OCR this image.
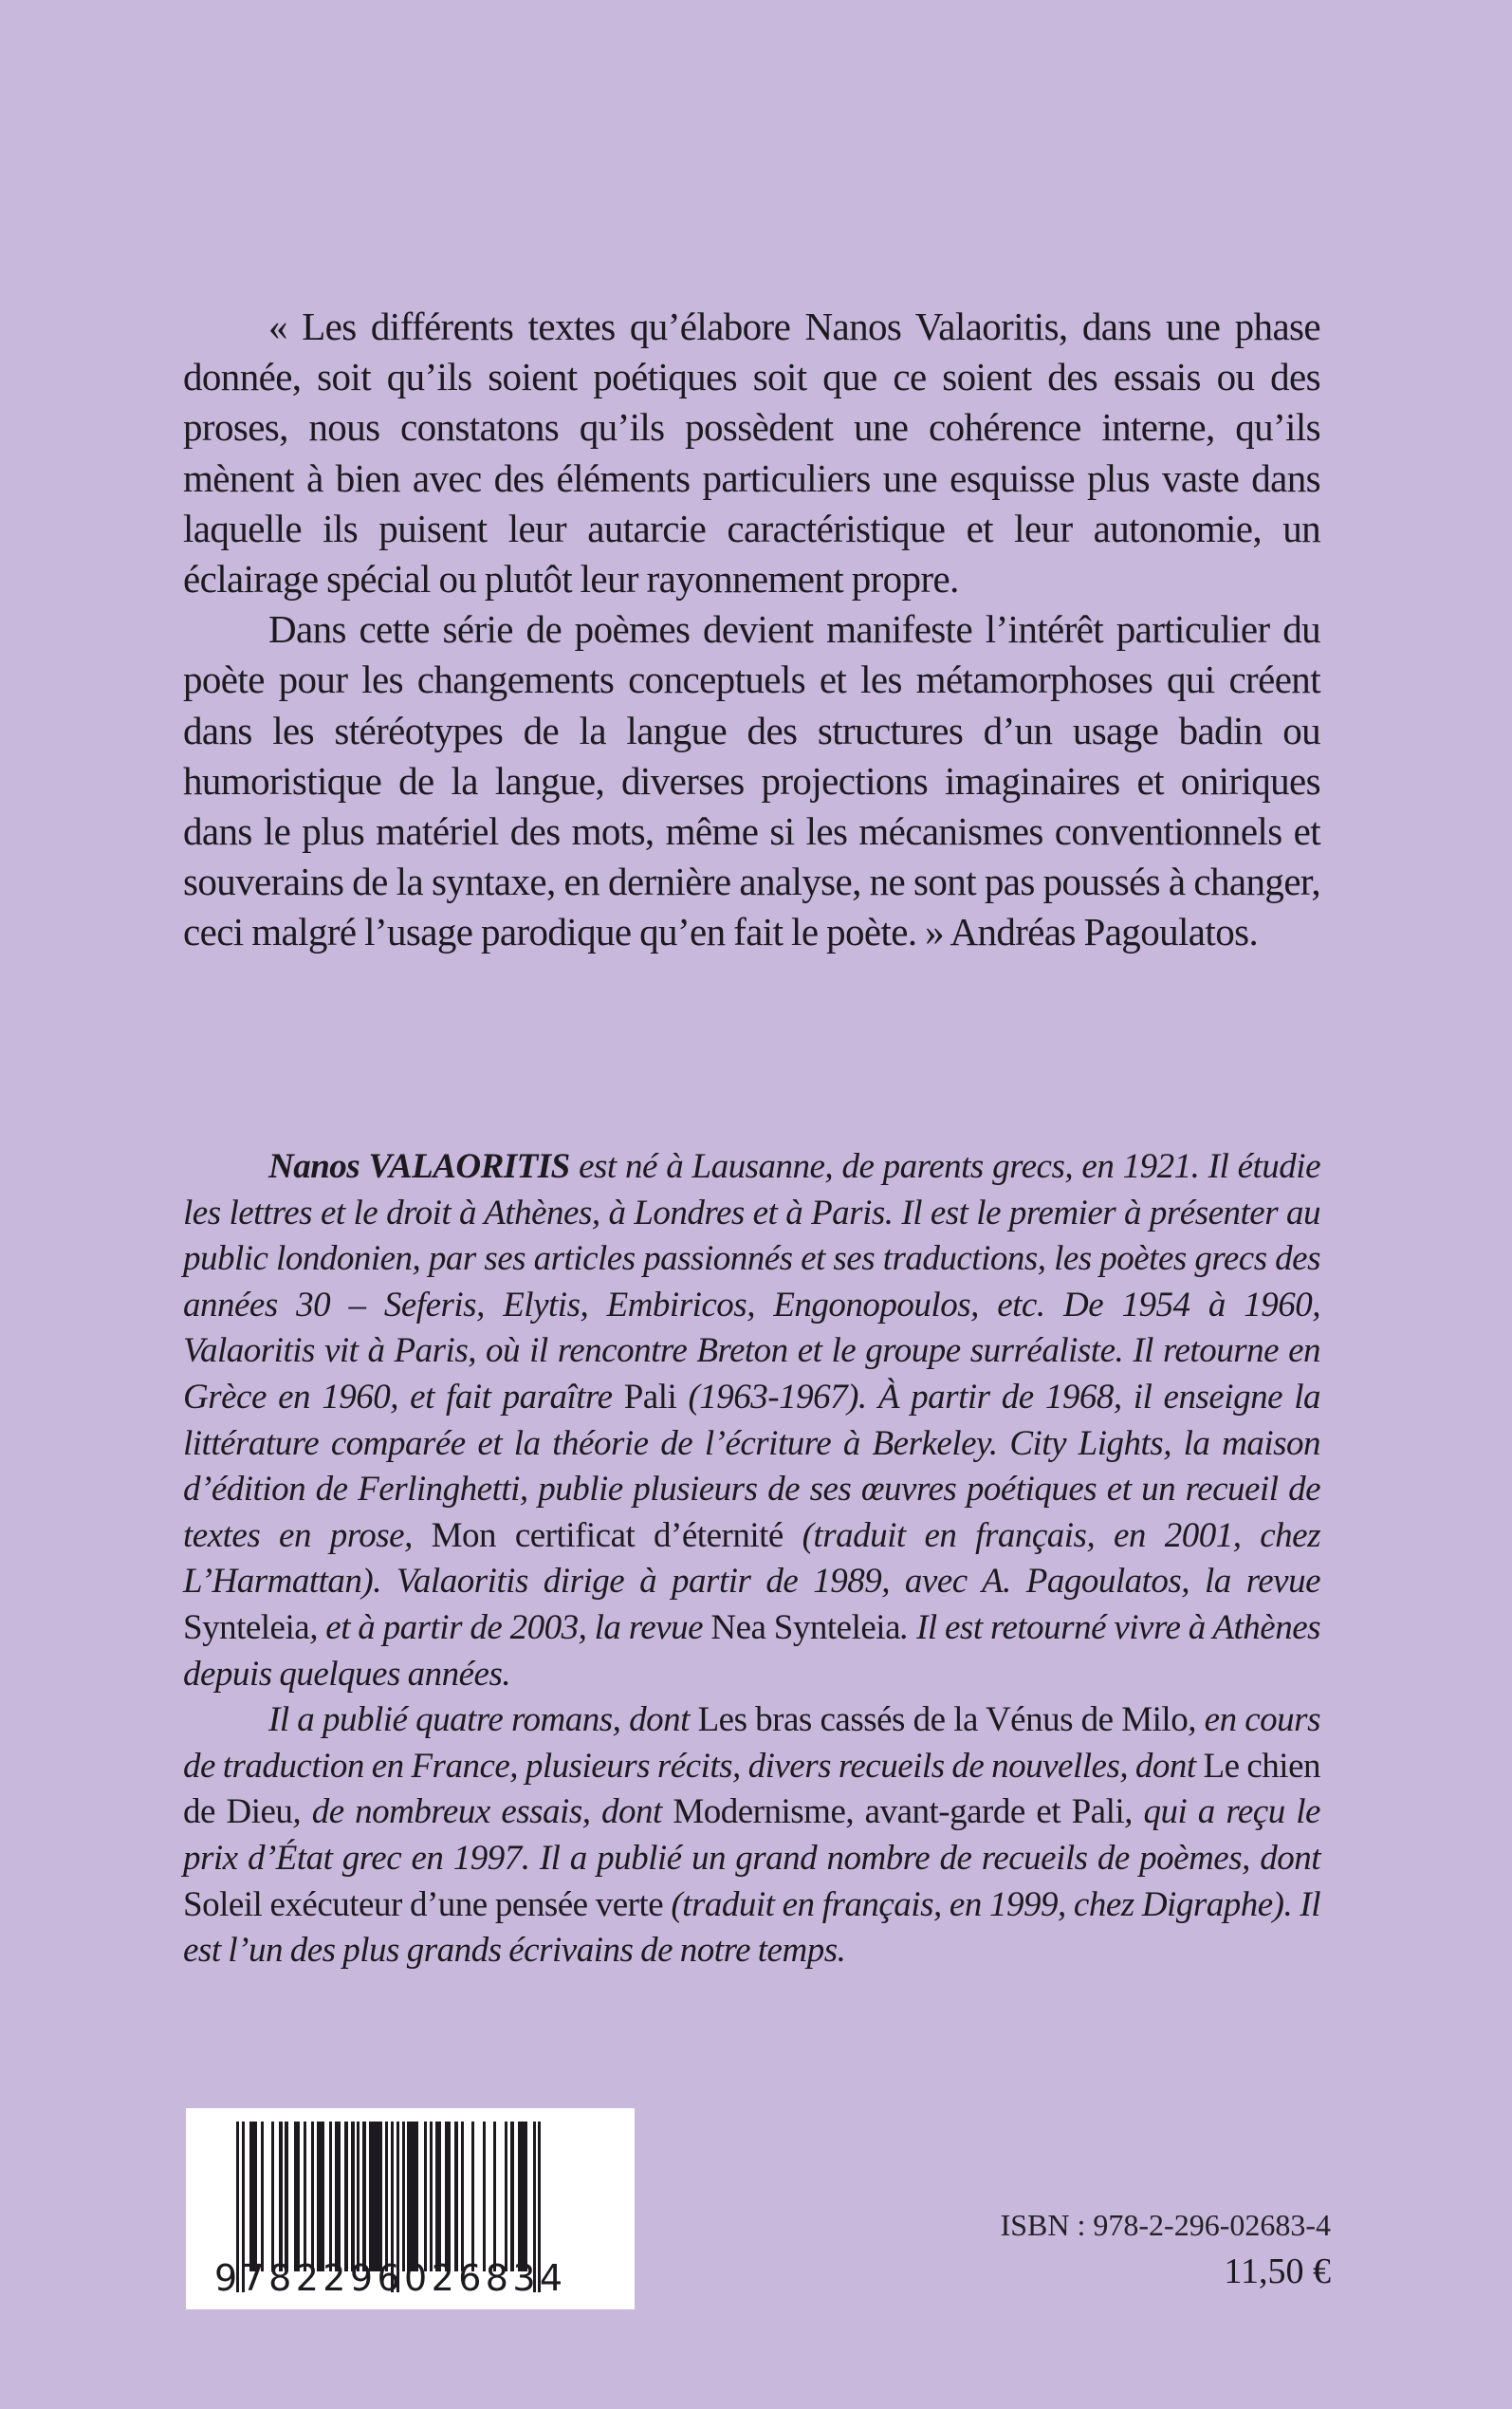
« Les différents textes qu’élabore Nanos Valaoritis, dans une phase donnée, soit qu’ils soient poétiques soit que ce soient des essais ou des proses, nous constatons qu’ils possèdent une cohérence interne, qu’ils mènent à bien avec des éléments particuliers une esquisse plus vaste dans laquelle ils puisent leur autarcie caractéristique et leur autonomie, un éclairage spécial ou plutôt leur rayonnement propre.

Dans cette série de poèmes devient manifeste l’intérêt particulier du poète pour les changements conceptuels et les métamorphoses qui créent dans les stéréotypes de la langue des structures d’un usage badin ou humoristique de la langue, diverses projections imaginaires et oniriques dans le plus matériel des mots, même si les mécanismes conventionnels et souverains de la syntaxe, en dernière analyse, ne sont pas poussés à changer, ceci malgré l’usage parodique qu’en fait le poète. » Andréas Pagoulatos.

Nanos VALAORITIS est né à Lausanne, de parents grecs, en 1921. Il étudie les lettres et le droit à Athènes, à Londres et à Paris. Il est le premier à présenter au public londonien, par ses articles passionnés et ses traductions, les poètes grecs des années 30 – Seferis, Elytis, Embiricos, Engonopoulos, etc. De 1954 à 1960, Valaoritis vit à Paris, où il rencontre Breton et le groupe surréaliste. Il retourne en Grèce en 1960, et fait paraître Pali (1963-1967). À partir de 1968, il enseigne la littérature comparée et la théorie de l’écriture à Berkeley. City Lights, la maison d’édition de Ferlinghetti, publie plusieurs de ses œuvres poétiques et un recueil de textes en prose, Mon certificat d’éternité (traduit en français, en 2001, chez L’Harmattan). Valaoritis dirige à partir de 1989, avec A. Pagoulatos, la revue Synteleia, et à partir de 2003, la revue Nea Synteleia. Il est retourné vivre à Athènes depuis quelques années.

Il a publié quatre romans, dont Les bras cassés de la Vénus de Milo, en cours de traduction en France, plusieurs récits, divers recueils de nouvelles, dont Le chien de Dieu, de nombreux essais, dont Modernisme, avant-garde et Pali, qui a reçu le prix d’État grec en 1997. Il a publié un grand nombre de recueils de poèmes, dont Soleil exécuteur d’une pensée verte (traduit en français, en 1999, chez Digraphe). Il est l’un des plus grands écrivains de notre temps.

9782296026834
ISBN : 978-2-296-02683-4
11,50 €
